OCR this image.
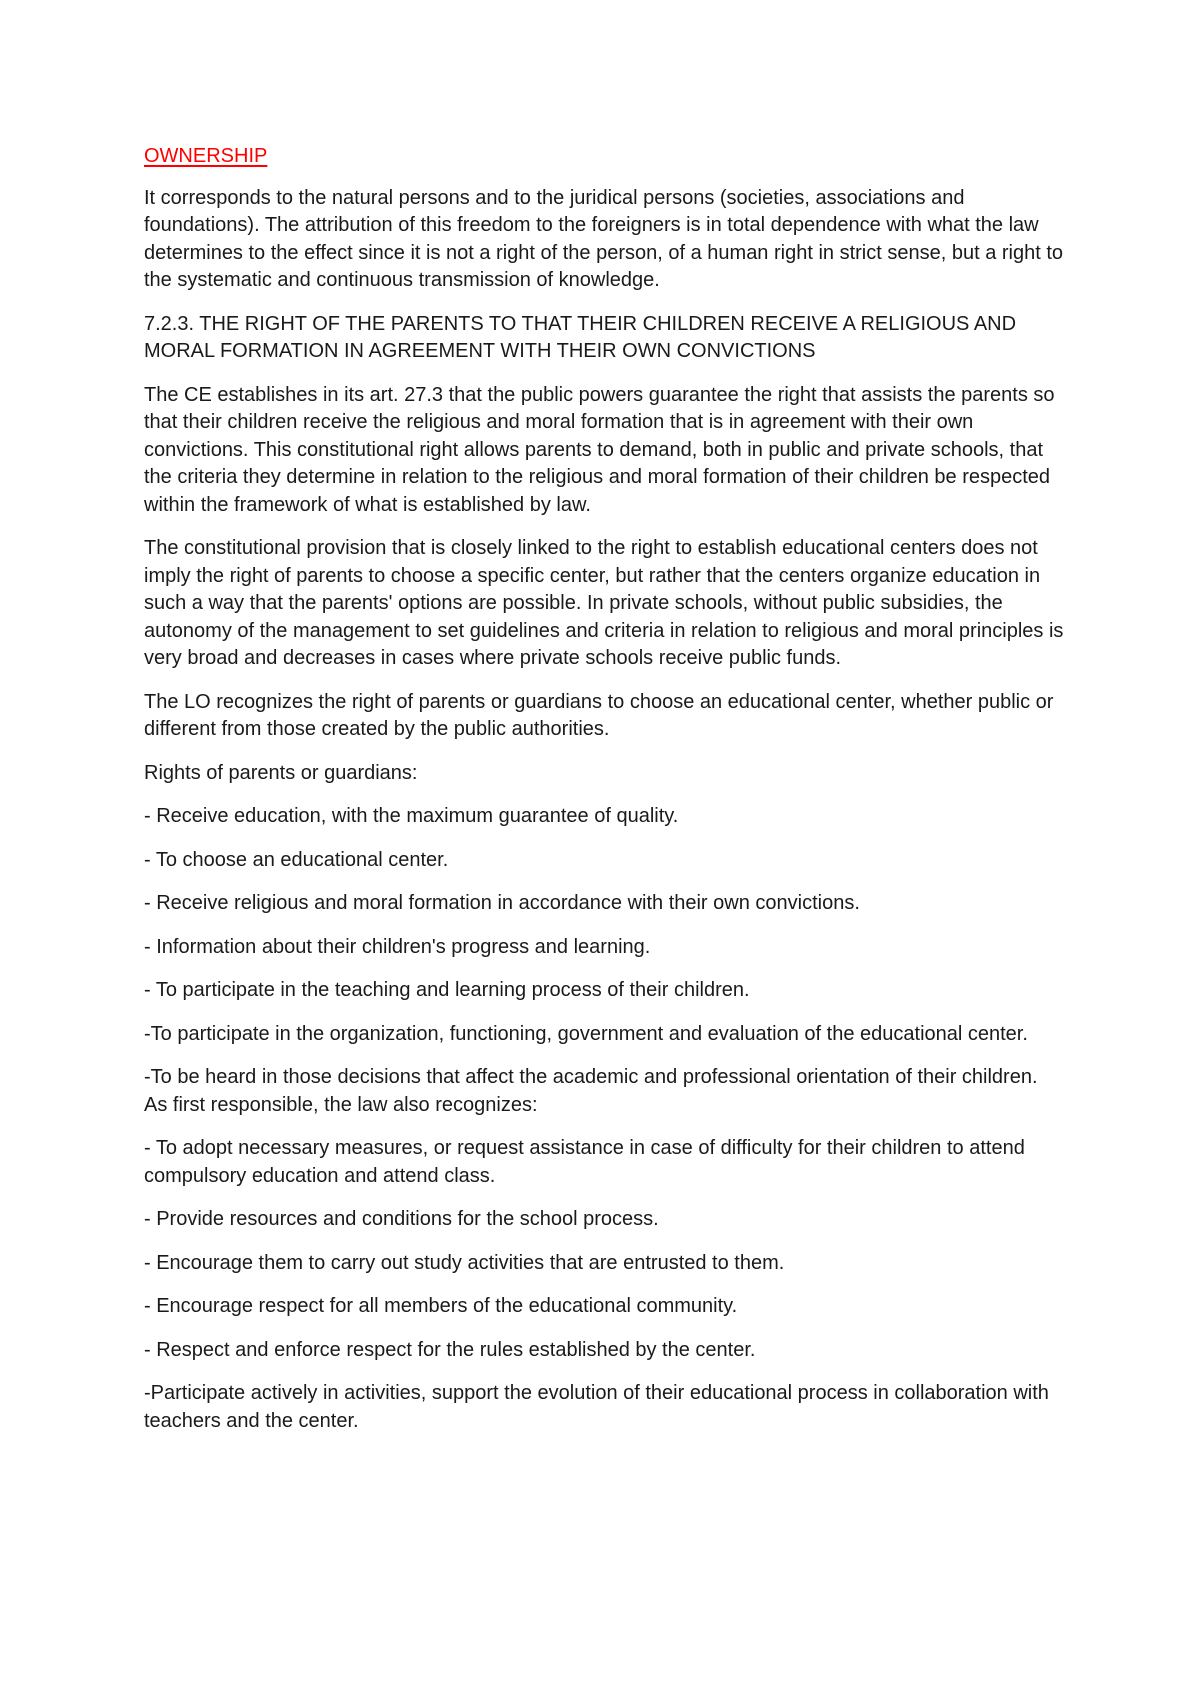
OWNERSHIP

It corresponds to the natural persons and to the juridical persons (societies, associations and foundations). The attribution of this freedom to the foreigners is in total dependence with what the law determines to the effect since it is not a right of the person, of a human right in strict sense, but a right to the systematic and continuous transmission of knowledge.

7.2.3. THE RIGHT OF THE PARENTS TO THAT THEIR CHILDREN RECEIVE A RELIGIOUS AND MORAL FORMATION IN AGREEMENT WITH THEIR OWN CONVICTIONS

The CE establishes in its art. 27.3 that the public powers guarantee the right that assists the parents so that their children receive the religious and moral formation that is in agreement with their own convictions. This constitutional right allows parents to demand, both in public and private schools, that the criteria they determine in relation to the religious and moral formation of their children be respected within the framework of what is established by law.

The constitutional provision that is closely linked to the right to establish educational centers does not imply the right of parents to choose a specific center, but rather that the centers organize education in such a way that the parents' options are possible. In private schools, without public subsidies, the autonomy of the management to set guidelines and criteria in relation to religious and moral principles is very broad and decreases in cases where private schools receive public funds.

The LO recognizes the right of parents or guardians to choose an educational center, whether public or different from those created by the public authorities.

Rights of parents or guardians:

- Receive education, with the maximum guarantee of quality.

- To choose an educational center.

- Receive religious and moral formation in accordance with their own convictions.

- Information about their children's progress and learning.

- To participate in the teaching and learning process of their children.

-To participate in the organization, functioning, government and evaluation of the educational center.

-To be heard in those decisions that affect the academic and professional orientation of their children. As first responsible, the law also recognizes:

- To adopt necessary measures, or request assistance in case of difficulty for their children to attend compulsory education and attend class.

- Provide resources and conditions for the school process.

- Encourage them to carry out study activities that are entrusted to them.

- Encourage respect for all members of the educational community.

- Respect and enforce respect for the rules established by the center.

-Participate actively in activities, support the evolution of their educational process in collaboration with teachers and the center.
